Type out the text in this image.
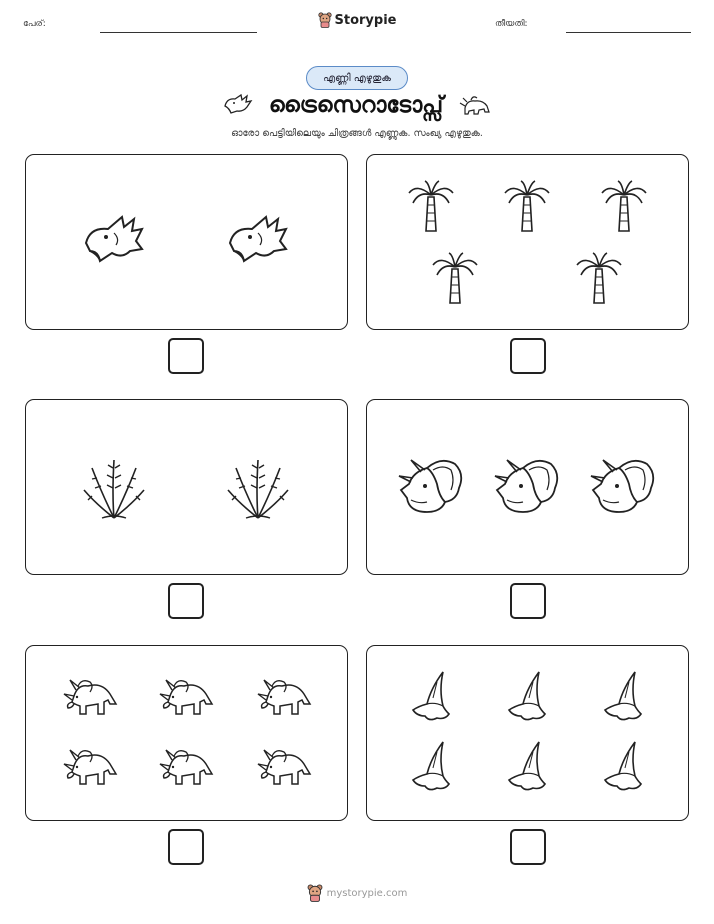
പേര്:	Storypie	തീയതി:
എണ്ണി എഴുതുക
ട്രൈസെറാടോപ്സ്
ഓരോ പെട്ടിയിലെയും ചിത്രങ്ങൾ എണ്ണുക. സംഖ്യ എഴുതുക.
mystorypie.com
